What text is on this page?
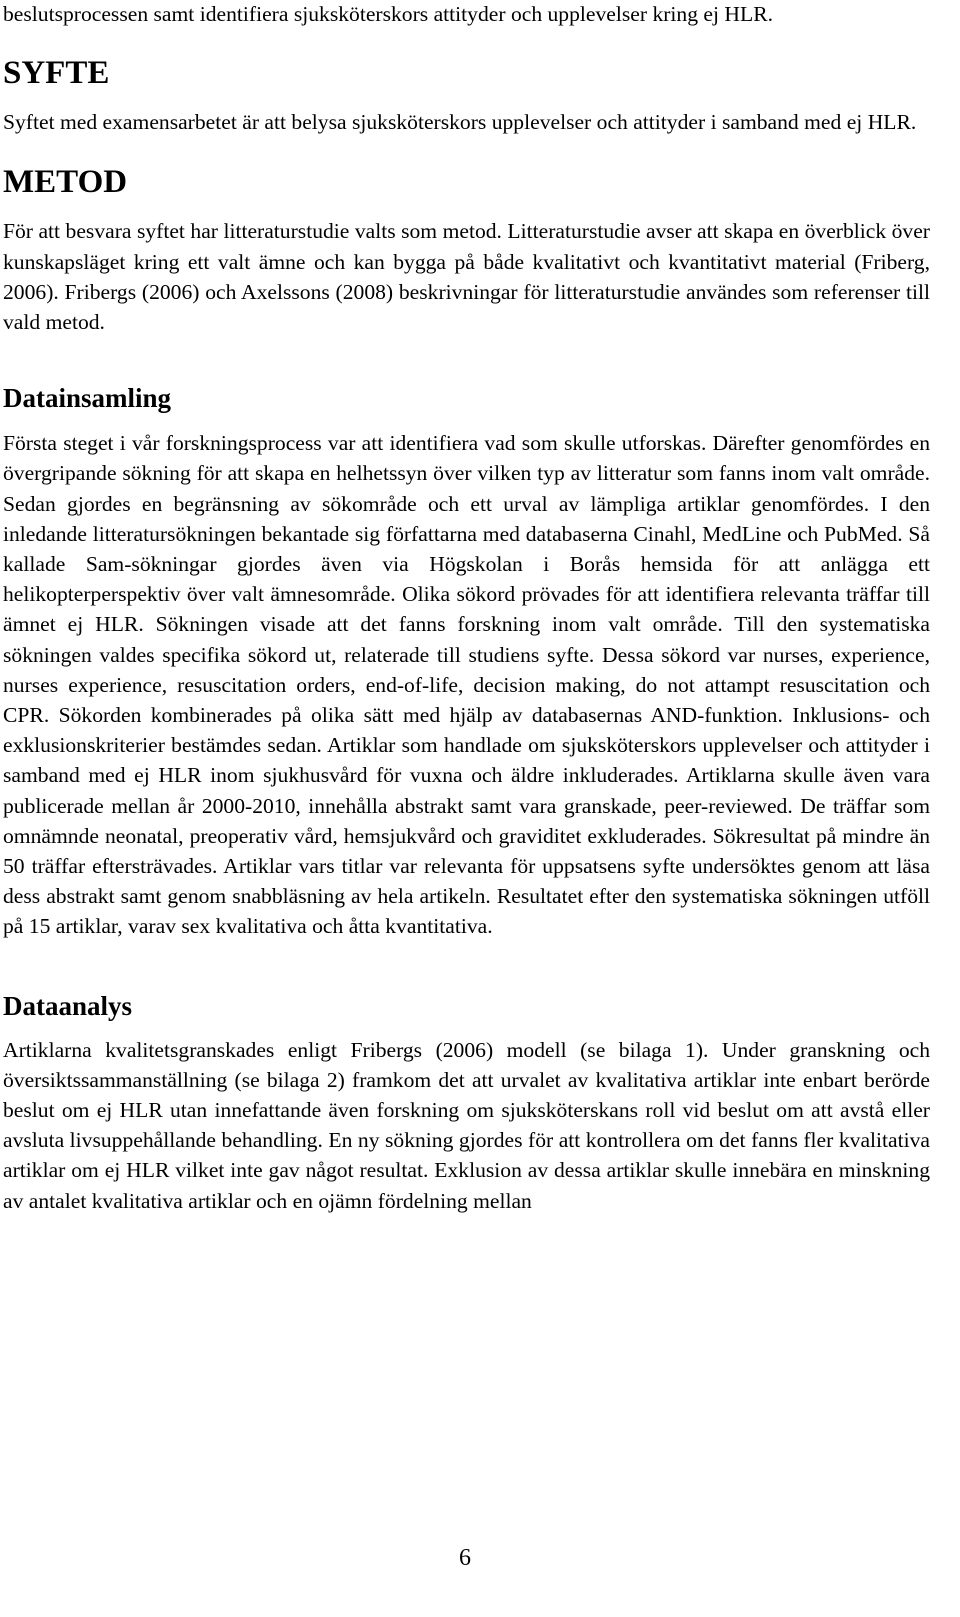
beslutsprocessen samt identifiera sjuksköterskors attityder och upplevelser kring ej HLR.

SYFTE

Syftet med examensarbetet är att belysa sjuksköterskors upplevelser och attityder i samband med ej HLR.

METOD

För att besvara syftet har litteraturstudie valts som metod. Litteraturstudie avser att skapa en överblick över kunskapsläget kring ett valt ämne och kan bygga på både kvalitativt och kvantitativt material (Friberg, 2006). Fribergs (2006) och Axelssons (2008) beskrivningar för litteraturstudie användes som referenser till vald metod.

Datainsamling

Första steget i vår forskningsprocess var att identifiera vad som skulle utforskas. Därefter genomfördes en övergripande sökning för att skapa en helhetssyn över vilken typ av litteratur som fanns inom valt område. Sedan gjordes en begränsning av sökområde och ett urval av lämpliga artiklar genomfördes. I den inledande litteratursökningen bekantade sig författarna med databaserna Cinahl, MedLine och PubMed. Så kallade Sam-sökningar gjordes även via Högskolan i Borås hemsida för att anlägga ett helikopterperspektiv över valt ämnesområde. Olika sökord prövades för att identifiera relevanta träffar till ämnet ej HLR. Sökningen visade att det fanns forskning inom valt område. Till den systematiska sökningen valdes specifika sökord ut, relaterade till studiens syfte. Dessa sökord var nurses, experience, nurses experience, resuscitation orders, end-of-life, decision making, do not attampt resuscitation och CPR. Sökorden kombinerades på olika sätt med hjälp av databasernas AND-funktion. Inklusions- och exklusionskriterier bestämdes sedan. Artiklar som handlade om sjuksköterskors upplevelser och attityder i samband med ej HLR inom sjukhusvård för vuxna och äldre inkluderades. Artiklarna skulle även vara publicerade mellan år 2000-2010, innehålla abstrakt samt vara granskade, peer-reviewed. De träffar som omnämnde neonatal, preoperativ vård, hemsjukvård och graviditet exkluderades. Sökresultat på mindre än 50 träffar eftersträvades. Artiklar vars titlar var relevanta för uppsatsens syfte undersöktes genom att läsa dess abstrakt samt genom snabbläsning av hela artikeln. Resultatet efter den systematiska sökningen utföll på 15 artiklar, varav sex kvalitativa och åtta kvantitativa.

Dataanalys

Artiklarna kvalitetsgranskades enligt Fribergs (2006) modell (se bilaga 1). Under granskning och översiktssammanställning (se bilaga 2) framkom det att urvalet av kvalitativa artiklar inte enbart berörde beslut om ej HLR utan innefattande även forskning om sjuksköterskans roll vid beslut om att avstå eller avsluta livsuppehållande behandling. En ny sökning gjordes för att kontrollera om det fanns fler kvalitativa artiklar om ej HLR vilket inte gav något resultat. Exklusion av dessa artiklar skulle innebära en minskning av antalet kvalitativa artiklar och en ojämn fördelning mellan

6
